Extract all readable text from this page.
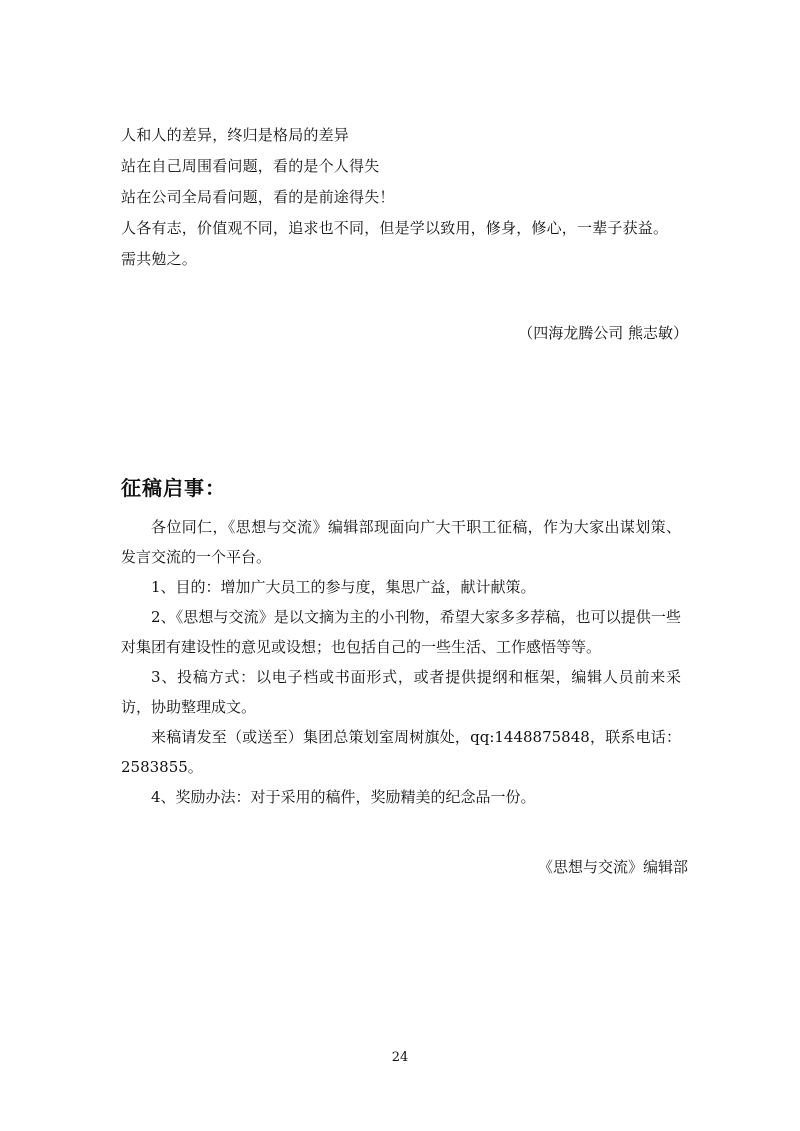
人和人的差异，终归是格局的差异
站在自己周围看问题，看的是个人得失
站在公司全局看问题，看的是前途得失！
人各有志，价值观不同，追求也不同，但是学以致用，修身，修心，一辈子获益。
需共勉之。
（四海龙腾公司 熊志敏）
征稿启事：

各位同仁，《思想与交流》编辑部现面向广大干职工征稿，作为大家出谋划策、发言交流的一个平台。

1、目的：增加广大员工的参与度，集思广益，献计献策。

2、《思想与交流》是以文摘为主的小刊物，希望大家多多荐稿，也可以提供一些对集团有建设性的意见或设想；也包括自己的一些生活、工作感悟等等。

3、投稿方式：以电子档或书面形式，或者提供提纲和框架，编辑人员前来采访，协助整理成文。

来稿请发至（或送至）集团总策划室周树旗处，qq:1448875848，联系电话：2583855。

4、奖励办法：对于采用的稿件，奖励精美的纪念品一份。

《思想与交流》编辑部
24
